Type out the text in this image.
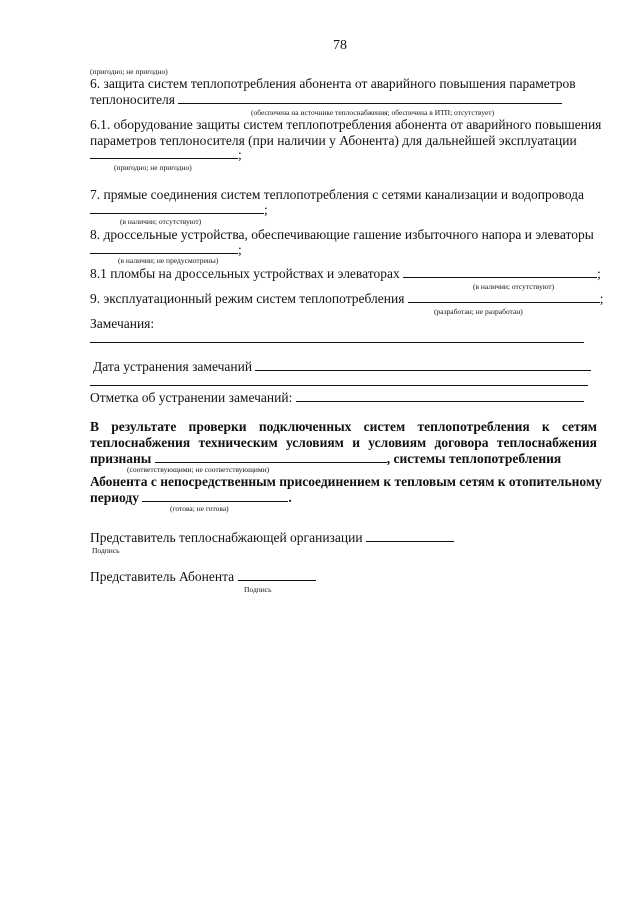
78
(пригодно; не пригодно)
6. защита систем теплопотребления абонента от аварийного повышения параметров
теплоносителя
(обеспечена на источнике теплоснабжения; обеспечена в ИТП; отсутствует)
6.1. оборудование защиты систем теплопотребления абонента от аварийного повышения
параметров теплоносителя (при наличии у Абонента) для дальнейшей эксплуатации
;
(пригодно; не пригодно)
7. прямые соединения систем теплопотребления с сетями канализации и водопровода
;
(в наличии; отсутствуют)
8. дроссельные устройства, обеспечивающие гашение избыточного напора и элеваторы
;
(в наличии; не предусмотрены)
8.1 пломбы на дроссельных устройствах и элеваторах	;
(в наличии; отсутствуют)
9. эксплуатационный режим систем теплопотребления	;
(разработан; не разработан)
Замечания:
Дата устранения замечаний
Отметка об устранении замечаний:
В результате проверки подключенных систем теплопотребления к сетям
теплоснабжения техническим условиям и условиям договора теплоснабжения
признаны	, системы теплопотребления
(соответствующими; не соответствующими)
Абонента с непосредственным присоединением к тепловым сетям к отопительному
периоду	.
(готова; не готова)
Представитель теплоснабжающей организации
Подпись
Представитель Абонента
Подпись
